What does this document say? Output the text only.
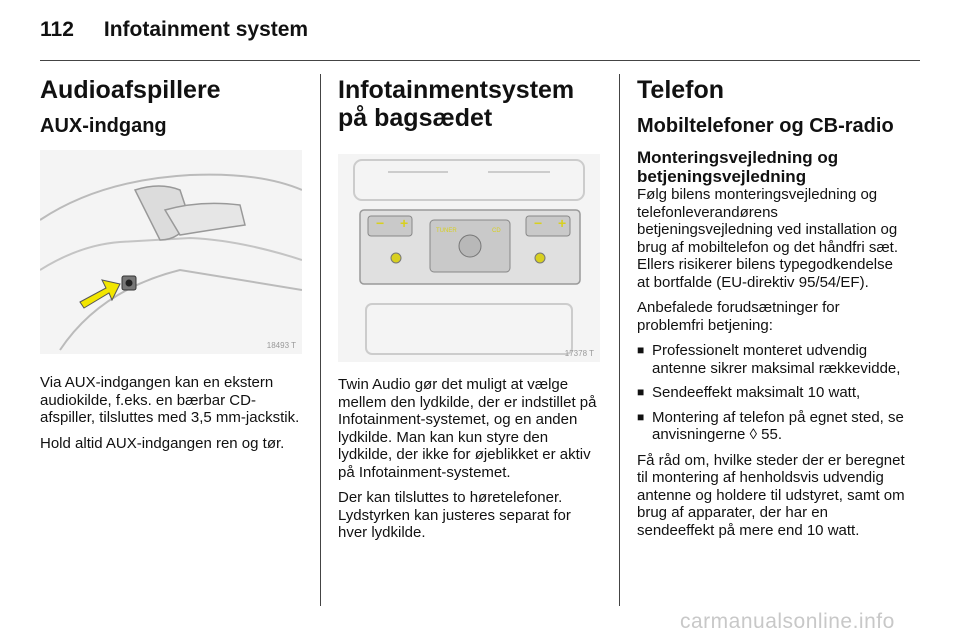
112 Infotainment system
Audioafspillere
AUX-indgang
18493 T

Via AUX-indgangen kan en ekstern audiokilde, f.eks. en bærbar CD-afspiller, tilsluttes med 3,5 mm-jackstik.

Hold altid AUX-indgangen ren og tør.

Infotainmentsystem på bagsædet
− +	− +
TUNER	CD
17378 T

Twin Audio gør det muligt at vælge mellem den lydkilde, der er indstillet på Infotainment-systemet, og en anden lydkilde. Man kan kun styre den lydkilde, der ikke for øjeblikket er aktiv på Infotainment-systemet.

Der kan tilsluttes to høretelefoner. Lydstyrken kan justeres separat for hver lydkilde.

Telefon
Mobiltelefoner og CB-radio
Monteringsvejledning og betjeningsvejledning

Følg bilens monteringsvejledning og telefonleverandørens betjeningsvejledning ved installation og brug af mobiltelefon og det håndfri sæt. Ellers risikerer bilens typegodkendelse at bortfalde (EU-direktiv 95/54/EF).

Anbefalede forudsætninger for problemfri betjening:

■ Professionelt monteret udvendig antenne sikrer maksimal rækkevidde,
■ Sendeeffekt maksimalt 10 watt,
■ Montering af telefon på egnet sted, se anvisningerne ◊ 55.

Få råd om, hvilke steder der er beregnet til montering af henholdsvis udvendig antenne og holdere til udstyret, samt om brug af apparater, der har en sendeeffekt på mere end 10 watt.

carmanualsonline.info
